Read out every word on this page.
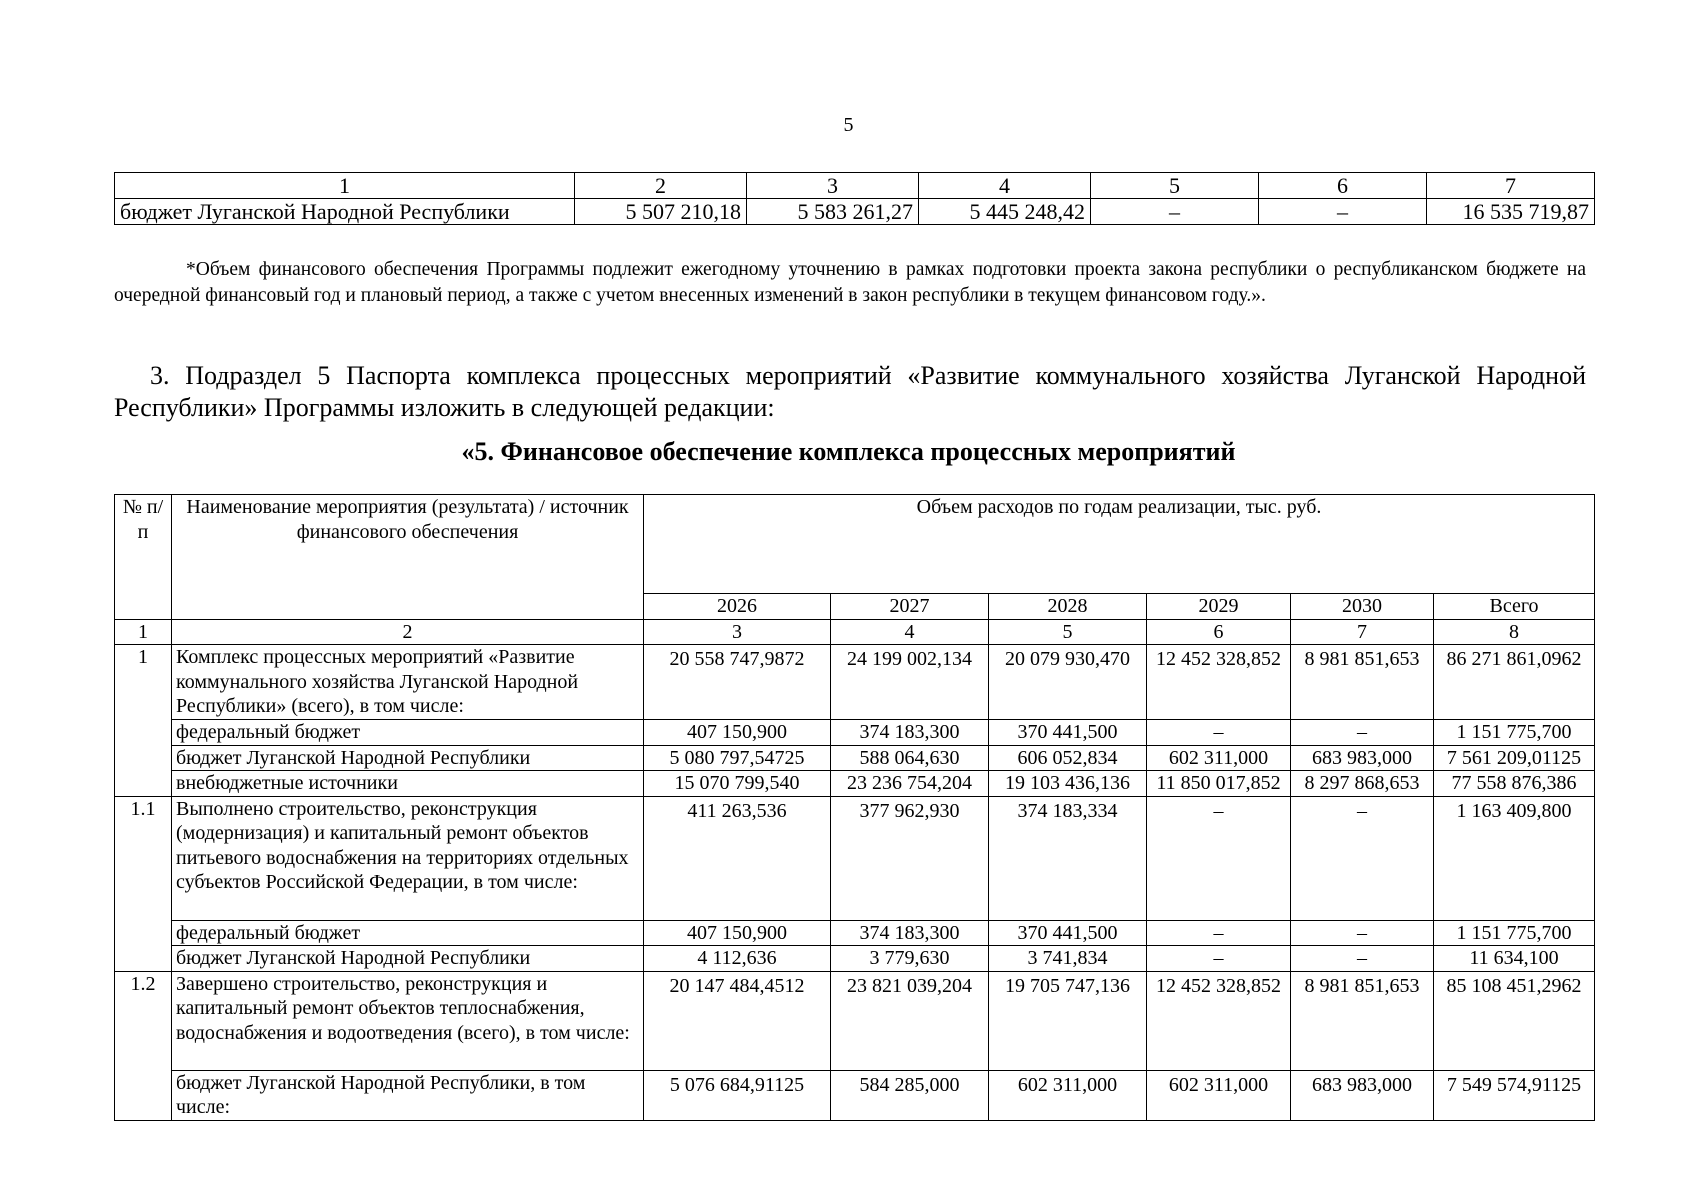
5
1	2	3	4	5	6	7
бюджет Луганской Народной Республики	5 507 210,18	5 583 261,27	5 445 248,42	–	–	16 535 719,87
*Объем финансового обеспечения Программы подлежит ежегодному уточнению в рамках подготовки проекта закона республики о республиканском бюджете на очередной финансовый год и плановый период, а также с учетом внесенных изменений в закон республики в текущем финансовом году.».
3. Подраздел 5 Паспорта комплекса процессных мероприятий «Развитие коммунального хозяйства Луганской Народной Республики» Программы изложить в следующей редакции:
«5. Финансовое обеспечение комплекса процессных мероприятий
№ п/п	Наименование мероприятия (результата) / источник финансового обеспечения	Объем расходов по годам реализации, тыс. руб.					
		2026	2027	2028	2029	2030	Всего
1	2	3	4	5	6	7	8
1	Комплекс процессных мероприятий «Развитие коммунального хозяйства Луганской Народной Республики» (всего), в том числе:	20 558 747,9872	24 199 002,134	20 079 930,470	12 452 328,852	8 981 851,653	86 271 861,0962
	федеральный бюджет	407 150,900	374 183,300	370 441,500	–	–	1 151 775,700
	бюджет Луганской Народной Республики	5 080 797,54725	588 064,630	606 052,834	602 311,000	683 983,000	7 561 209,01125
	внебюджетные источники	15 070 799,540	23 236 754,204	19 103 436,136	11 850 017,852	8 297 868,653	77 558 876,386
1.1	Выполнено строительство, реконструкция (модернизация) и капитальный ремонт объектов питьевого водоснабжения на территориях отдельных субъектов Российской Федерации, в том числе:	411 263,536	377 962,930	374 183,334	–	–	1 163 409,800
	федеральный бюджет	407 150,900	374 183,300	370 441,500	–	–	1 151 775,700
	бюджет Луганской Народной Республики	4 112,636	3 779,630	3 741,834	–	–	11 634,100
1.2	Завершено строительство, реконструкция и капитальный ремонт объектов теплоснабжения, водоснабжения и водоотведения (всего), в том числе:	20 147 484,4512	23 821 039,204	19 705 747,136	12 452 328,852	8 981 851,653	85 108 451,2962
	бюджет Луганской Народной Республики, в том числе:	5 076 684,91125	584 285,000	602 311,000	602 311,000	683 983,000	7 549 574,91125
